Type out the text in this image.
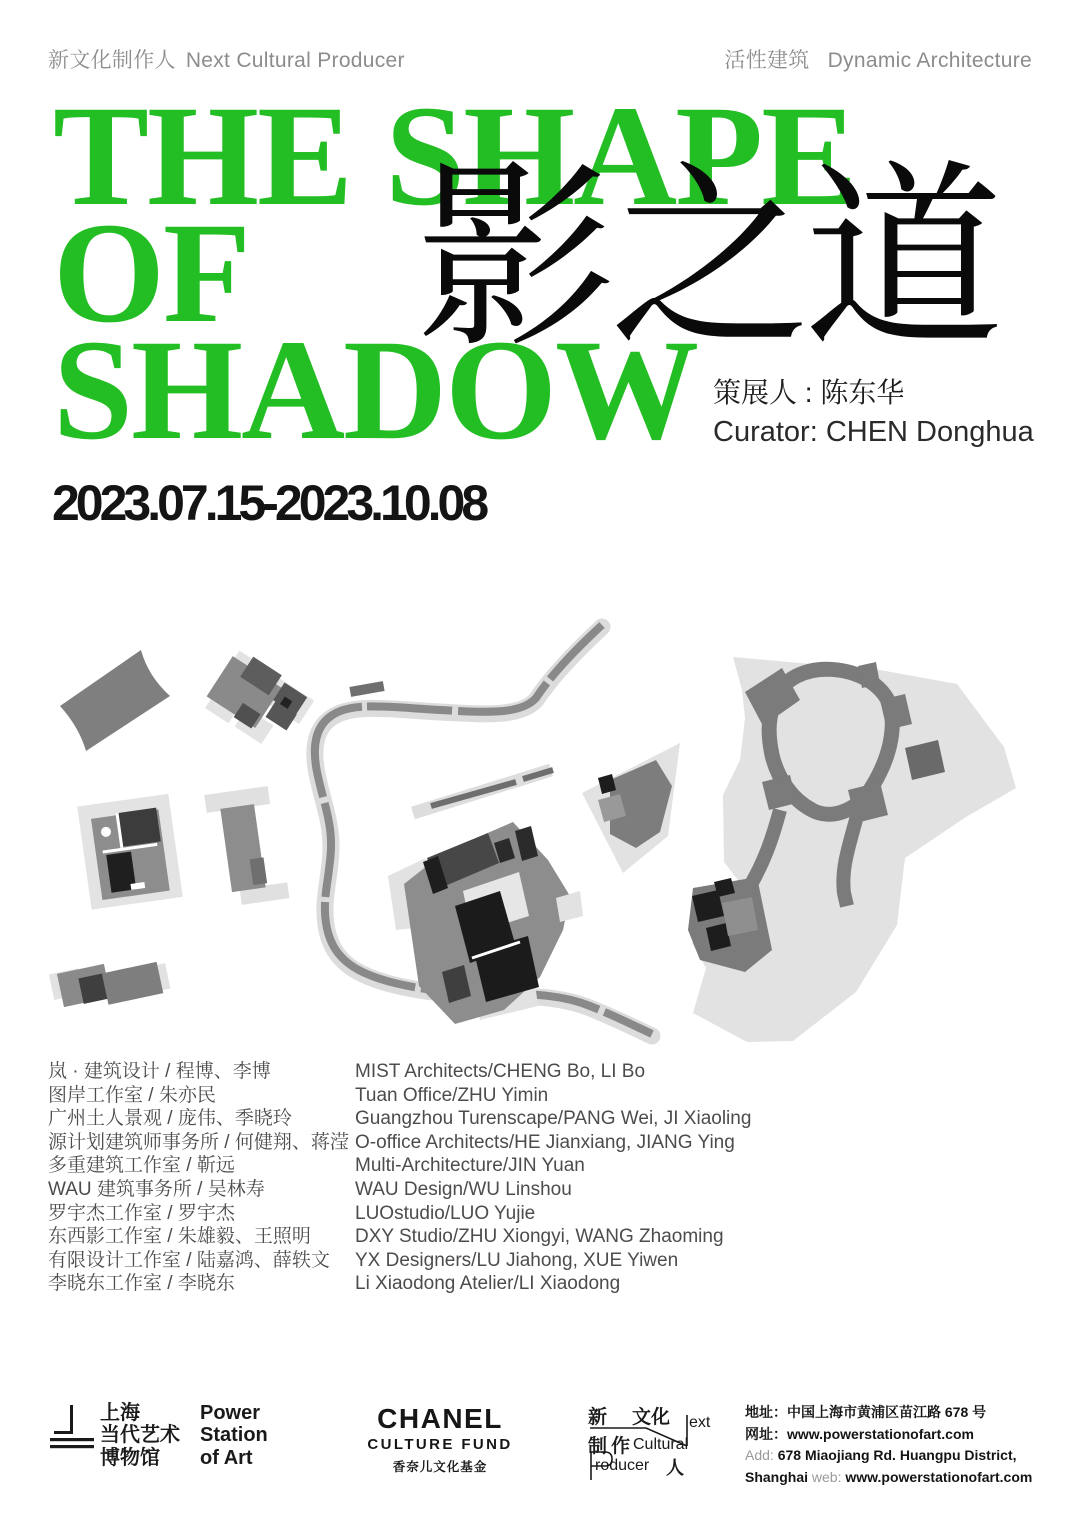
新文化制作人 Next Cultural Producer	活性建筑 Dynamic Architecture
THE SHAPE
OF
SHADOW
影之道
策展人 : 陈东华
Curator: CHEN Donghua
2023.07.15-2023.10.08
岚 · 建筑设计 / 程博、李博	MIST Architects/CHENG Bo, LI Bo
图岸工作室 / 朱亦民	Tuan Office/ZHU Yimin
广州土人景观 / 庞伟、季晓玲	Guangzhou Turenscape/PANG Wei, JI Xiaoling
源计划建筑师事务所 / 何健翔、蒋滢 O-office Architects/HE Jianxiang, JIANG Ying
多重建筑工作室 / 靳远	Multi-Architecture/JIN Yuan
WAU 建筑事务所 / 吴林寿	WAU Design/WU Linshou
罗宇杰工作室 / 罗宇杰	LUOstudio/LUO Yujie
东西影工作室 / 朱雄毅、王照明	DXY Studio/ZHU Xiongyi, WANG Zhaoming
有限设计工作室 / 陆嘉鸿、薛轶文	YX Designers/LU Jiahong, XUE Yiwen
李晓东工作室 / 李晓东	Li Xiaodong Atelier/LI Xiaodong
上海
当代艺术
博物馆
Power
Station
of Art
CHANEL
CULTURE FUND
香奈儿文化基金
新 文化 ext
制 作 Cultural
roducer 人
地址：中国上海市黄浦区苗江路 678 号
网址：www.powerstationofart.com
Add: 678 Miaojiang Rd. Huangpu District,
Shanghai web: www.powerstationofart.com
